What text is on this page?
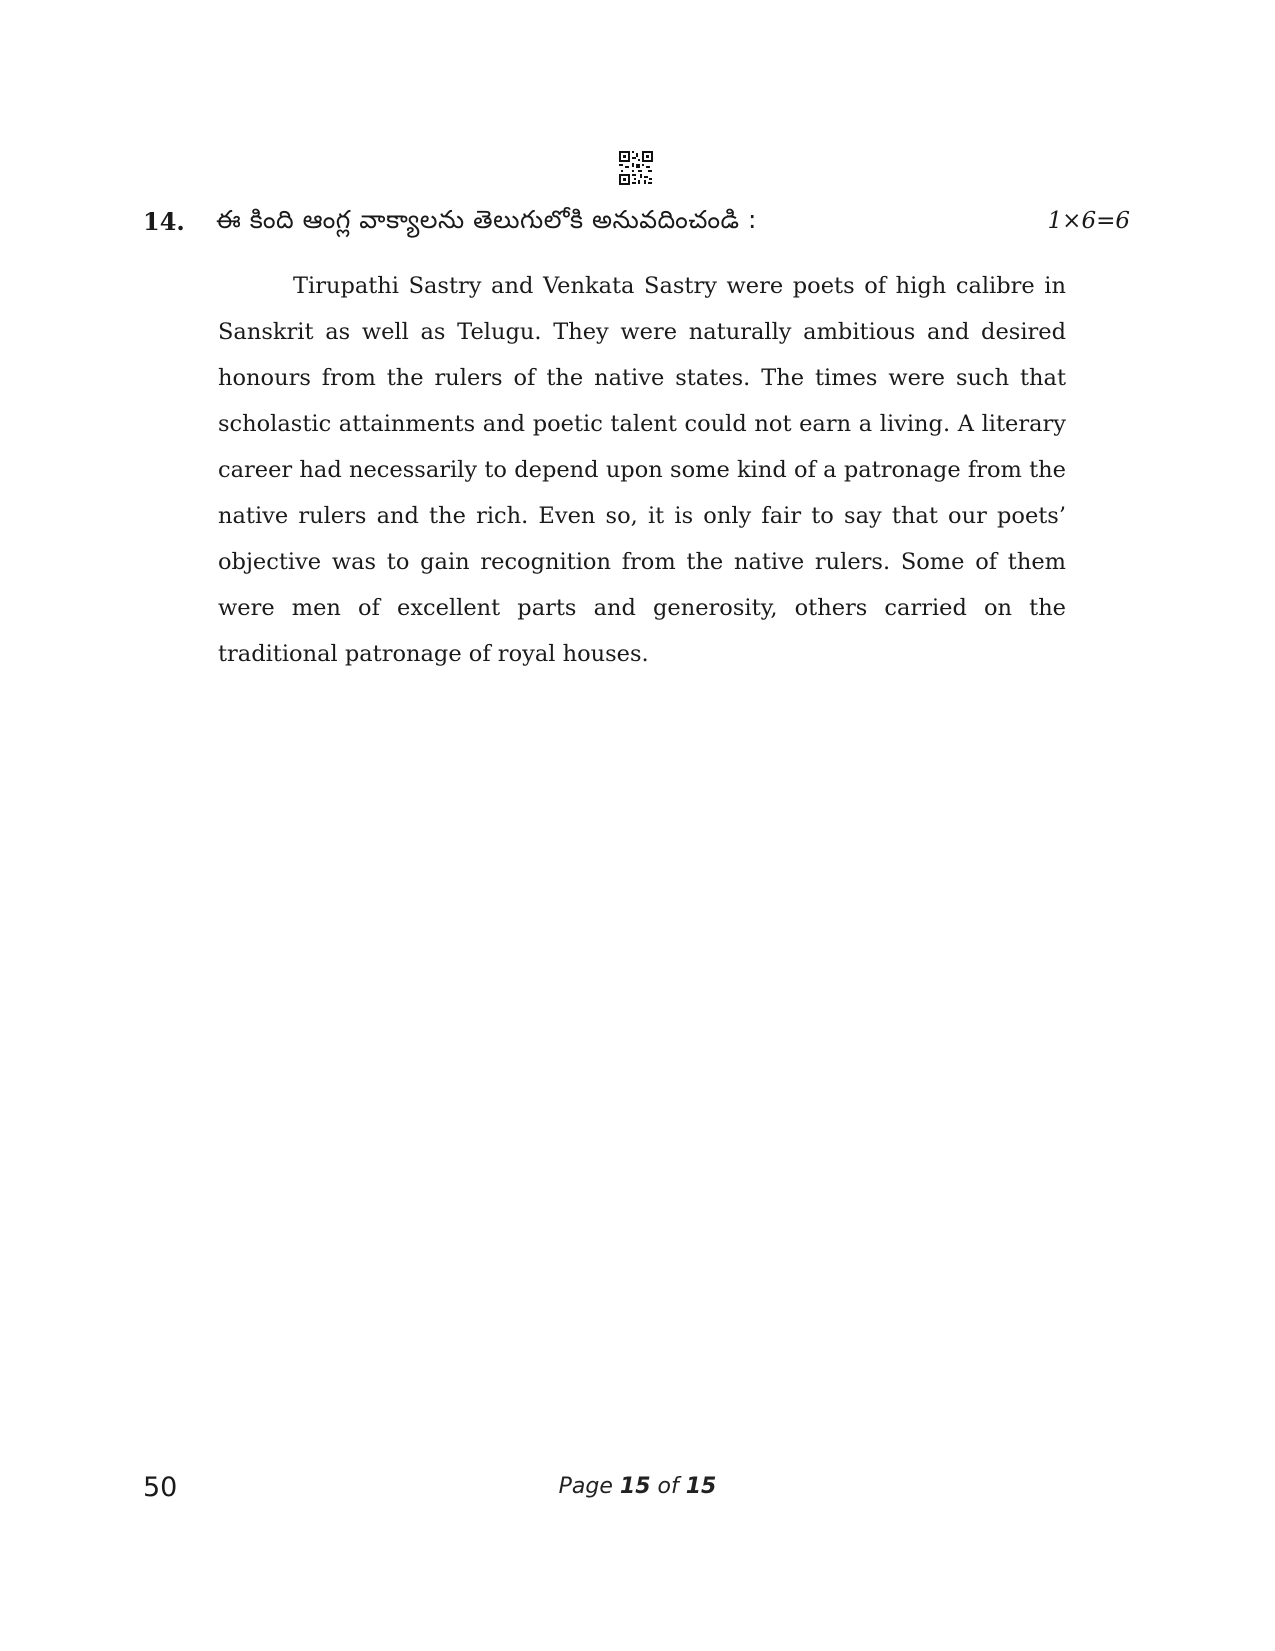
14. ఈ కింది ఆంగ్ల వాక్యాలను తెలుగులోకి అనువదించండి :	1×6=6

Tirupathi Sastry and Venkata Sastry were poets of high calibre in Sanskrit as well as Telugu. They were naturally ambitious and desired honours from the rulers of the native states. The times were such that scholastic attainments and poetic talent could not earn a living. A literary career had necessarily to depend upon some kind of a patronage from the native rulers and the rich. Even so, it is only fair to say that our poets’ objective was to gain recognition from the native rulers. Some of them were men of excellent parts and generosity, others carried on the traditional patronage of royal houses.

50	Page 15 of 15
